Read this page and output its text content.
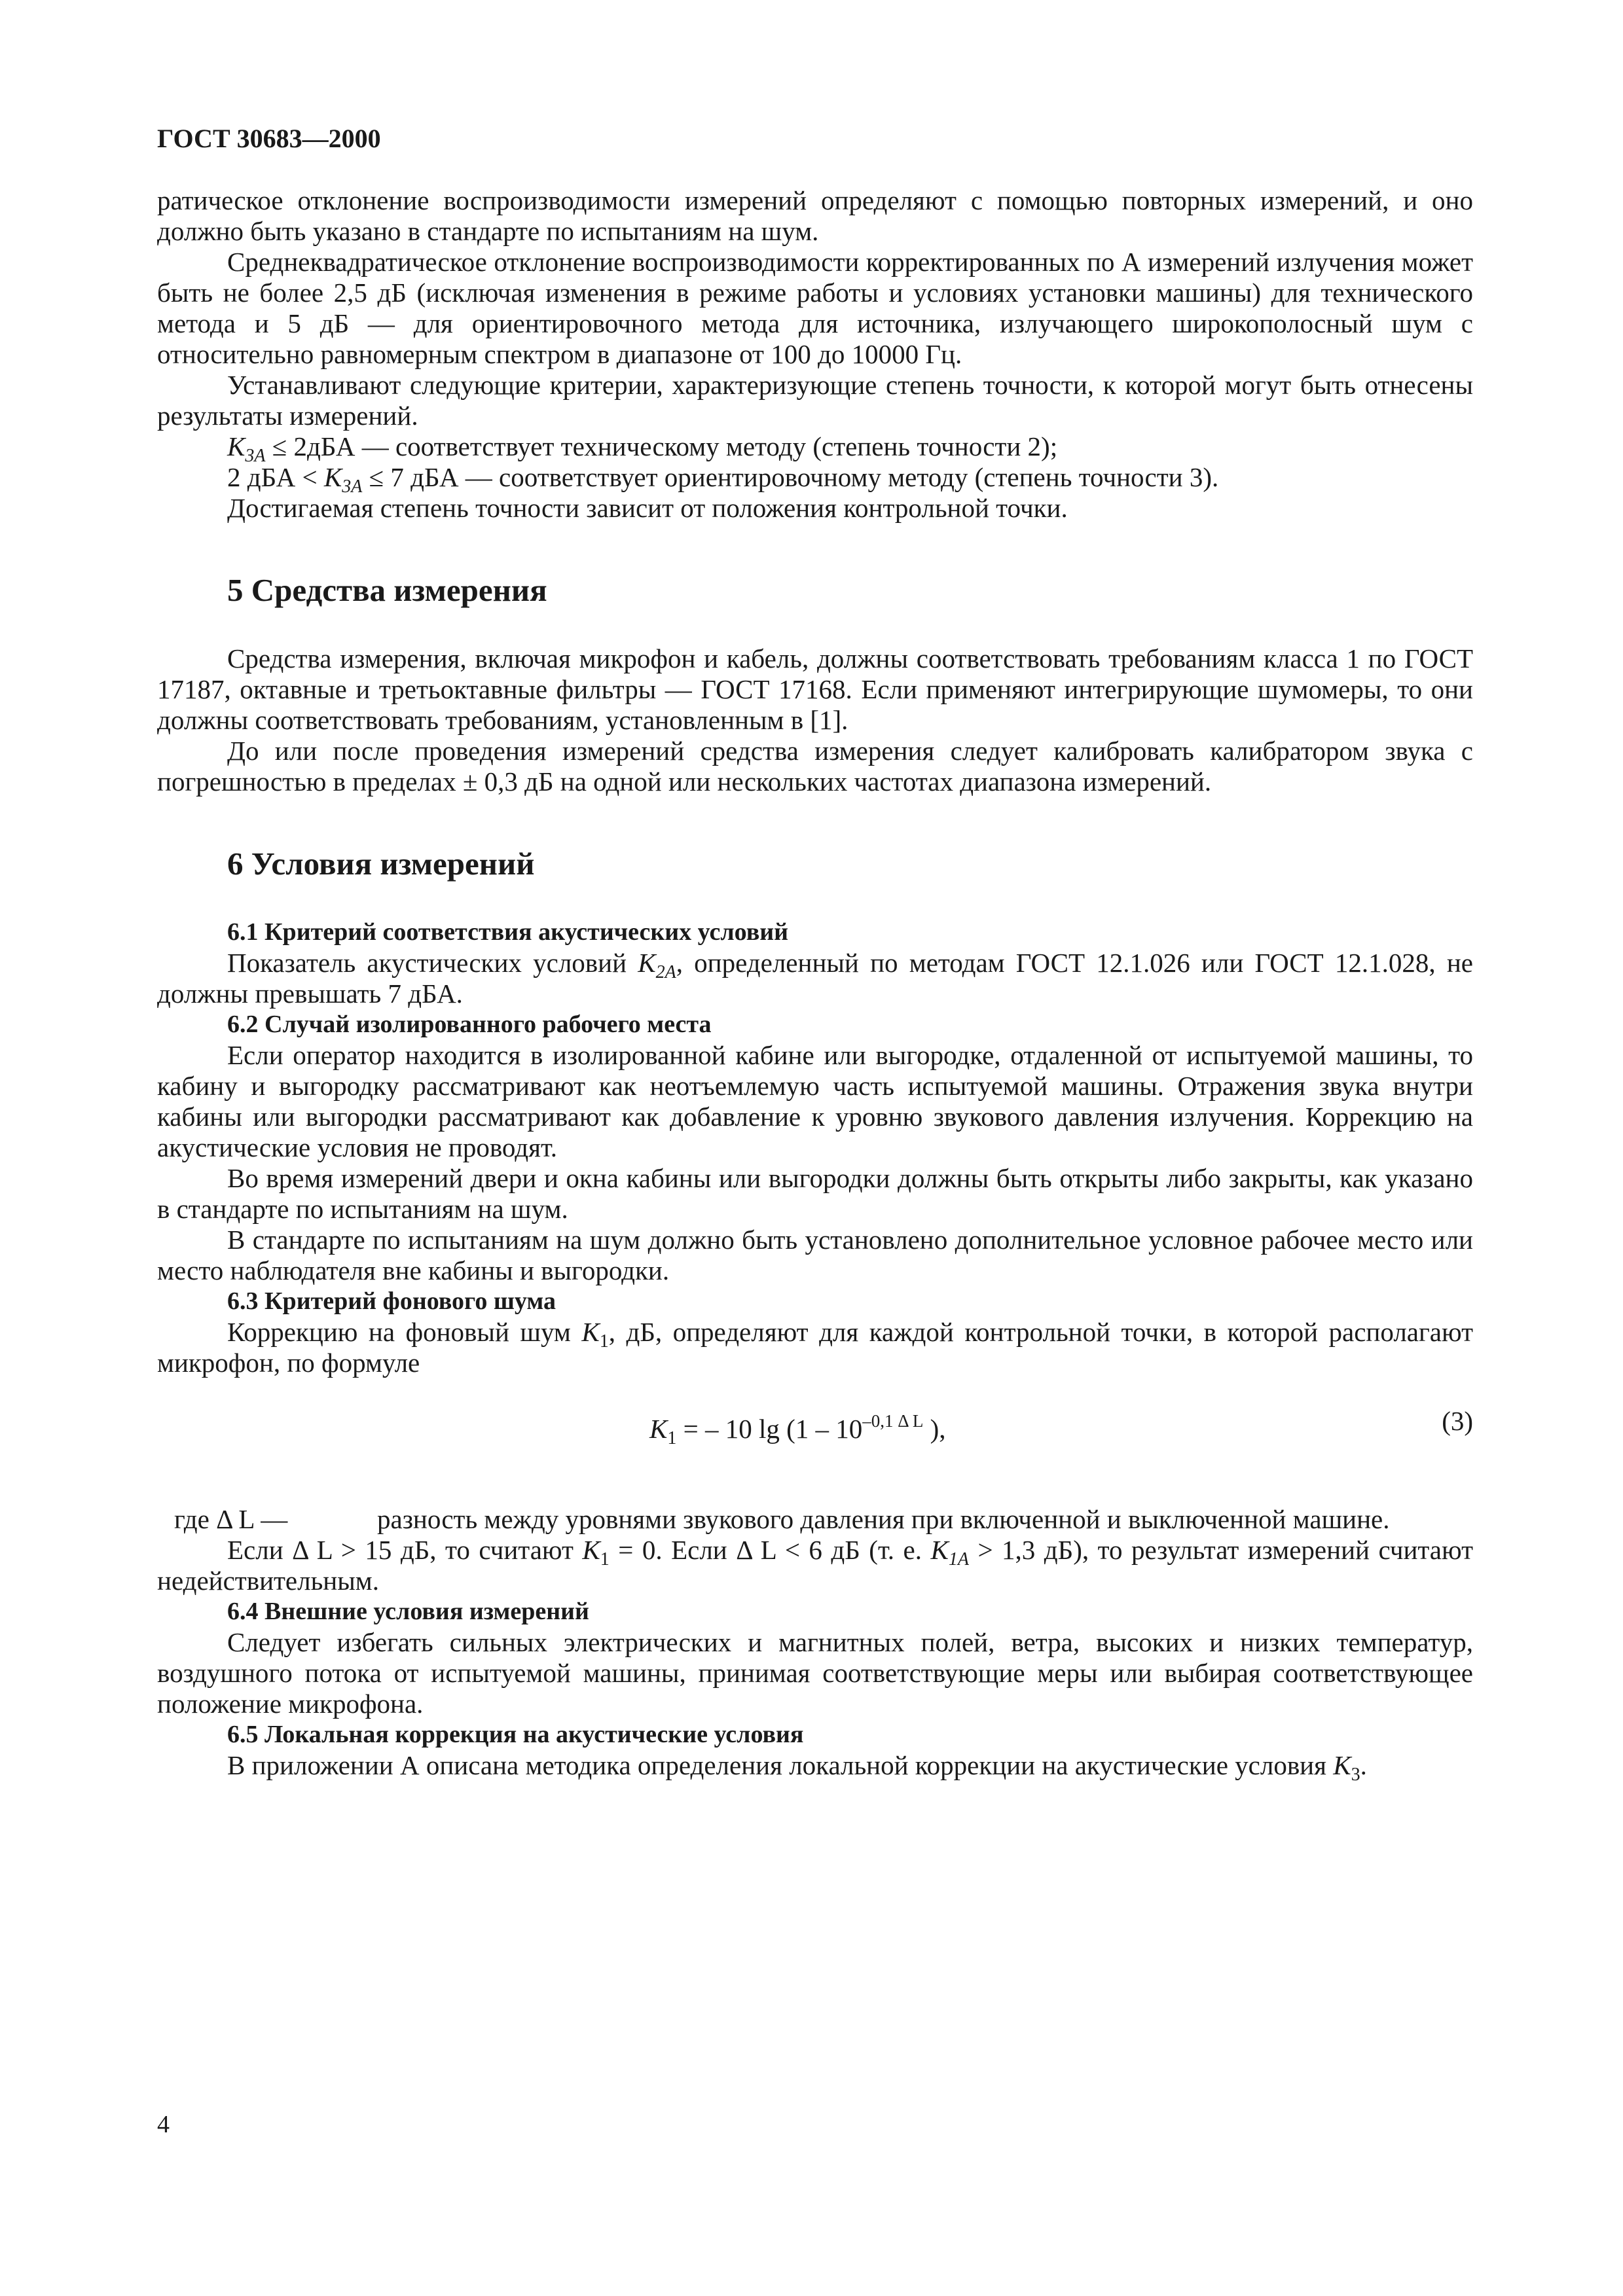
ГОСТ 30683—2000

ратическое отклонение воспроизводимости измерений определяют с помощью повторных измерений, и оно должно быть указано в стандарте по испытаниям на шум.

Среднеквадратическое отклонение воспроизводимости корректированных по А измерений излучения может быть не более 2,5 дБ (исключая изменения в режиме работы и условиях установки машины) для технического метода и 5 дБ — для ориентировочного метода для источника, излучающего широкополосный шум с относительно равномерным спектром в диапазоне от 100 до 10000 Гц.

Устанавливают следующие критерии, характеризующие степень точности, к которой могут быть отнесены результаты измерений.

$K_{3A} \le 2дБА$ — соответствует техническому методу (степень точности 2);

2 дБА < $K_{3A} \le 7$ дБА — соответствует ориентировочному методу (степень точности 3).

Достигаемая степень точности зависит от положения контрольной точки.

5 Средства измерения

Средства измерения, включая микрофон и кабель, должны соответствовать требованиям класса 1 по ГОСТ 17187, октавные и третьоктавные фильтры — ГОСТ 17168. Если применяют интегрирующие шумомеры, то они должны соответствовать требованиям, установленным в [1].

До или после проведения измерений средства измерения следует калибровать калибратором звука с погрешностью в пределах ± 0,3 дБ на одной или нескольких частотах диапазона измерений.

6 Условия измерений
6.1 Критерий соответствия акустических условий

Показатель акустических условий $K_{2A}$, определенный по методам ГОСТ 12.1.026 или ГОСТ 12.1.028, не должны превышать 7 дБА.

6.2 Случай изолированного рабочего места

Если оператор находится в изолированной кабине или выгородке, отдаленной от испытуемой машины, то кабину и выгородку рассматривают как неотъемлемую часть испытуемой машины. Отражения звука внутри кабины или выгородки рассматривают как добавление к уровню звукового давления излучения. Коррекцию на акустические условия не проводят.

Во время измерений двери и окна кабины или выгородки должны быть открыты либо закрыты, как указано в стандарте по испытаниям на шум.

В стандарте по испытаниям на шум должно быть установлено дополнительное условное рабочее место или место наблюдателя вне кабины и выгородки.

6.3 Критерий фонового шума

Коррекцию на фоновый шум $K_1$, дБ, определяют для каждой контрольной точки, в которой располагают микрофон, по формуле

$K_1$ = – 10 $\lg (1 - 10^{-0,1 \Delta L}$ ),	(3)
где Δ L —	разность между уровнями звукового давления при включенной и выключенной машине.

Если Δ L > 15 дБ, то считают $K_1 = 0$. Если Δ L < 6 дБ (т. е. $K_{1A} > 1,3$ дБ), то результат измерений считают недействительным.

6.4 Внешние условия измерений

Следует избегать сильных электрических и магнитных полей, ветра, высоких и низких температур, воздушного потока от испытуемой машины, принимая соответствующие меры или выбирая соответствующее положение микрофона.

6.5 Локальная коррекция на акустические условия

В приложении А описана методика определения локальной коррекции на акустические условия $K_3$.

4
